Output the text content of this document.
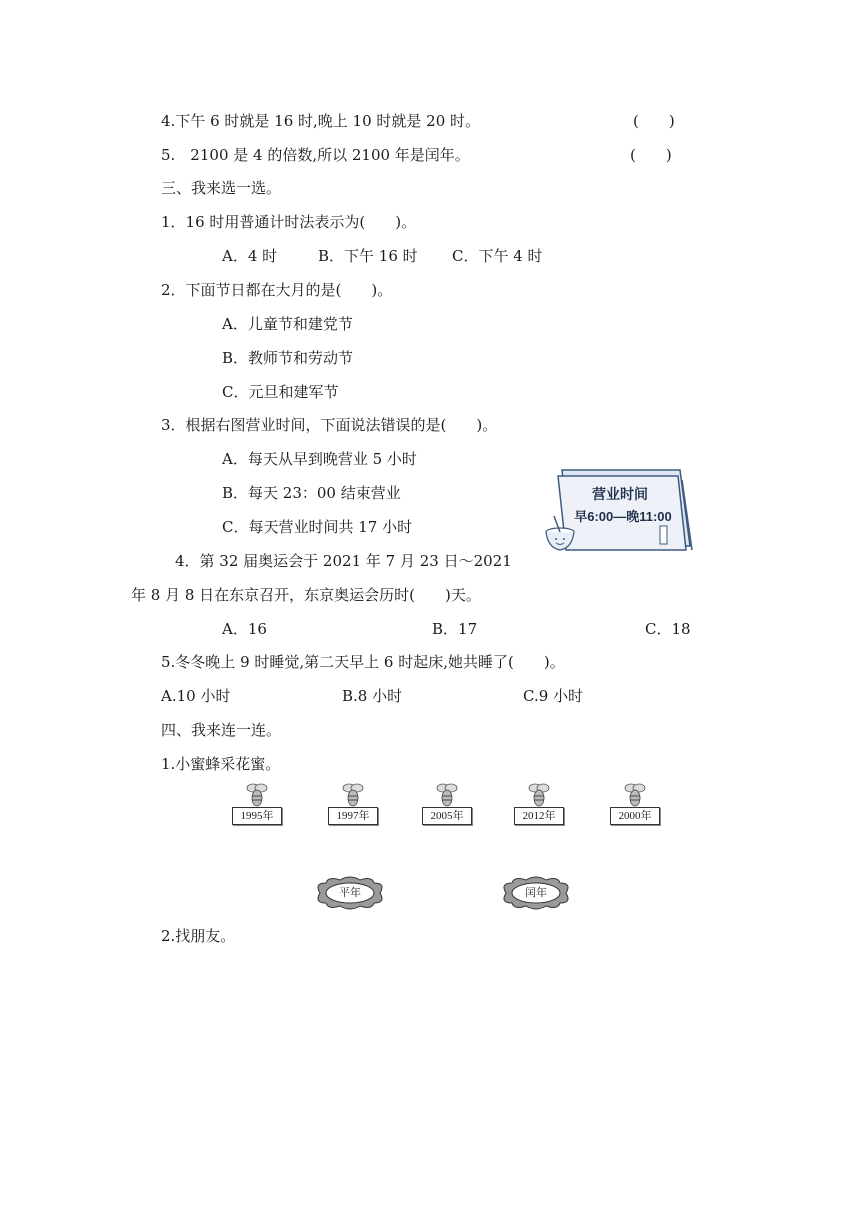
4.下午 6 时就是 16 时,晚上 10 时就是 20 时。	(　　)
5.　2100 是 4 的倍数,所以 2100 年是闰年。	(　　)
三、我来选一选。
1．16 时用普通计时法表示为(　　)。
A．4 时	B．下午 16 时 C．下午 4 时
2．下面节日都在大月的是(　　)。
A．儿童节和建党节
B．教师节和劳动节
C．元旦和建军节
3．根据右图营业时间，下面说法错误的是(　　)。
A．每天从早到晚营业 5 小时
B．每天 23：00 结束营业
C．每天营业时间共 17 小时
营业时间
早6:00—晚11:00
4．第 32 届奥运会于 2021 年 7 月 23 日～2021
年 8 月 8 日在东京召开，东京奥运会历时(　　)天。
A．16	B．17	C．18
5.冬冬晚上 9 时睡觉,第二天早上 6 时起床,她共睡了(　　)。
A.10 小时	B.8 小时	C.9 小时
四、我来连一连。
1.小蜜蜂采花蜜。
1995年	1997年	2005年	2012年	2000年
平年	闰年
2.找朋友。
